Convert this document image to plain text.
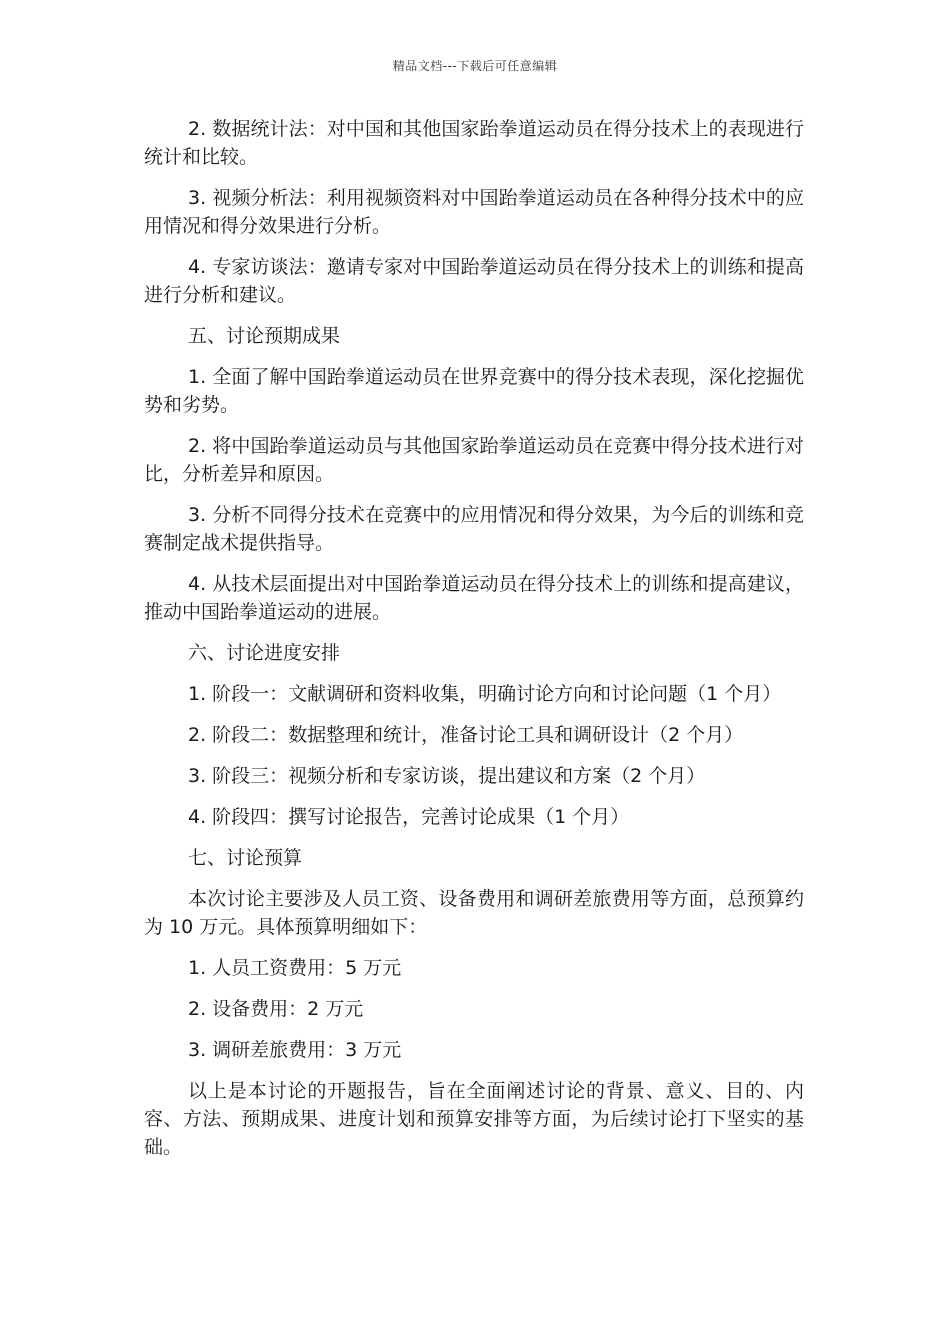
精品文档---下载后可任意编辑

2. 数据统计法：对中国和其他国家跆拳道运动员在得分技术上的表现进行统计和比较。

3. 视频分析法：利用视频资料对中国跆拳道运动员在各种得分技术中的应用情况和得分效果进行分析。

4. 专家访谈法：邀请专家对中国跆拳道运动员在得分技术上的训练和提高进行分析和建议。

五、讨论预期成果

1. 全面了解中国跆拳道运动员在世界竞赛中的得分技术表现，深化挖掘优势和劣势。

2. 将中国跆拳道运动员与其他国家跆拳道运动员在竞赛中得分技术进行对比，分析差异和原因。

3. 分析不同得分技术在竞赛中的应用情况和得分效果，为今后的训练和竞赛制定战术提供指导。

4. 从技术层面提出对中国跆拳道运动员在得分技术上的训练和提高建议，推动中国跆拳道运动的进展。

六、讨论进度安排

1. 阶段一：文献调研和资料收集，明确讨论方向和讨论问题（1 个月）

2. 阶段二：数据整理和统计，准备讨论工具和调研设计（2 个月）

3. 阶段三：视频分析和专家访谈，提出建议和方案（2 个月）

4. 阶段四：撰写讨论报告，完善讨论成果（1 个月）

七、讨论预算

本次讨论主要涉及人员工资、设备费用和调研差旅费用等方面，总预算约为 10 万元。具体预算明细如下：

1. 人员工资费用：5 万元

2. 设备费用：2 万元

3. 调研差旅费用：3 万元

以上是本讨论的开题报告，旨在全面阐述讨论的背景、意义、目的、内容、方法、预期成果、进度计划和预算安排等方面，为后续讨论打下坚实的基础。
